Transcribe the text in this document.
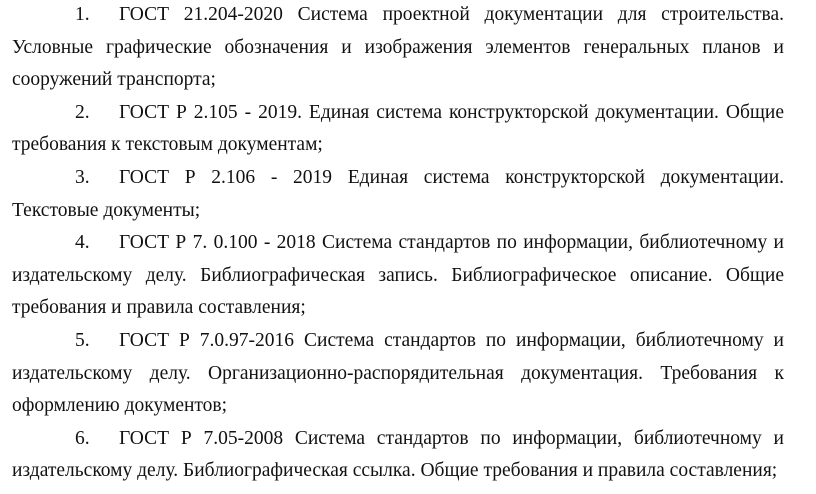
1. ГОСТ 21.204-2020 Система проектной документации для строительства. Условные графические обозначения и изображения элементов генеральных планов и сооружений транспорта;

2. ГОСТ Р 2.105 - 2019. Единая система конструкторской документации. Общие требования к текстовым документам;

3. ГОСТ Р 2.106 - 2019 Единая система конструкторской документации. Текстовые документы;

4. ГОСТ Р 7. 0.100 - 2018 Система стандартов по информации, библиотечному и издательскому делу. Библиографическая запись. Библиографическое описание. Общие требования и правила составления;

5. ГОСТ Р 7.0.97-2016 Система стандартов по информации, библиотечному и издательскому делу. Организационно-распорядительная документация. Требования к оформлению документов;

6. ГОСТ Р 7.05-2008 Система стандартов по информации, библиотечному и издательскому делу. Библиографическая ссылка. Общие требования и правила составления;
